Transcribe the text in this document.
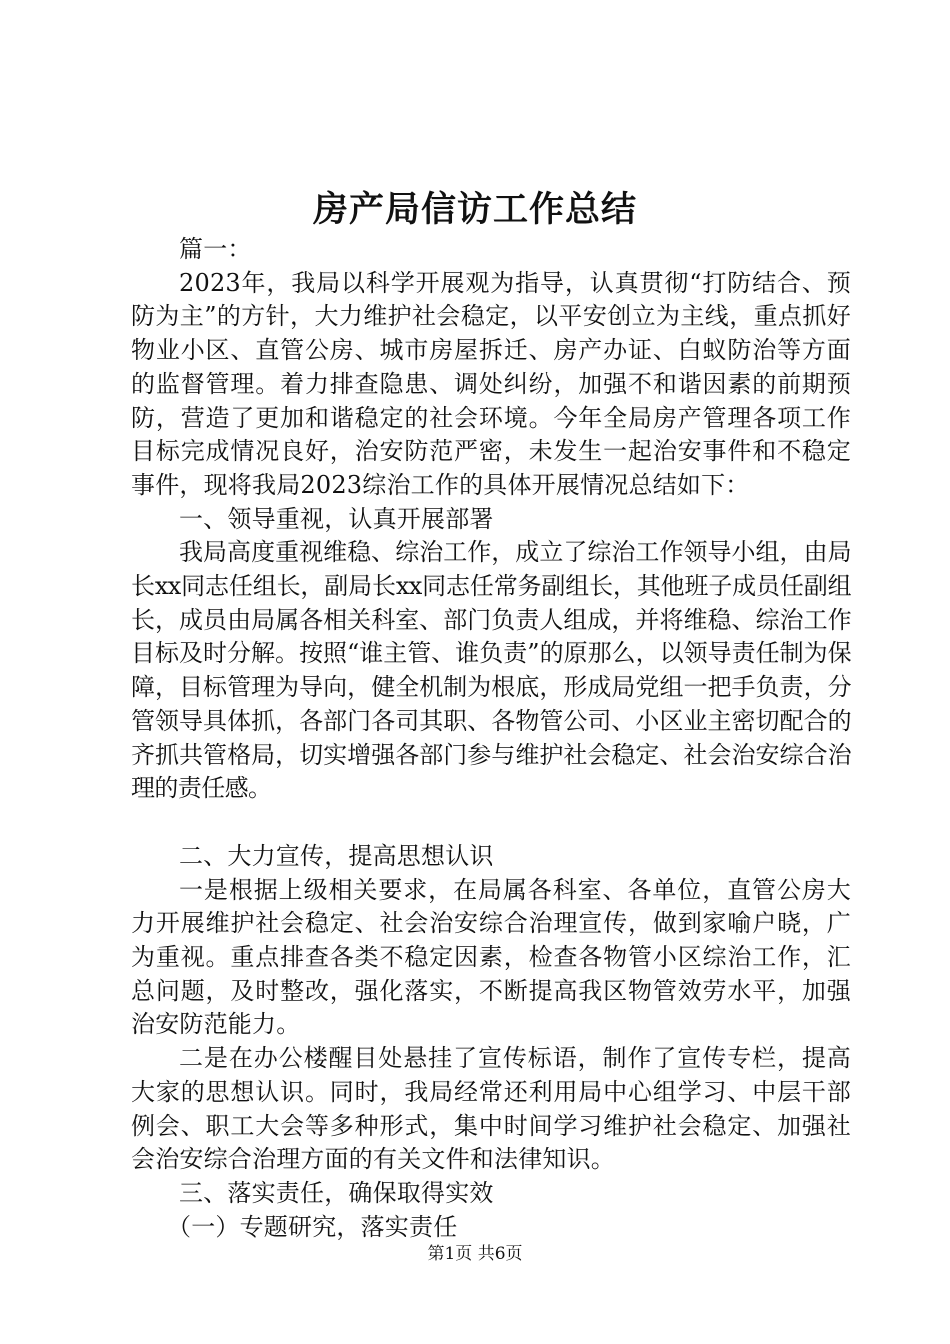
房产局信访工作总结

篇一：

2023年，我局以科学开展观为指导，认真贯彻“打防结合、预防为主”的方针，大力维护社会稳定，以平安创立为主线，重点抓好物业小区、直管公房、城市房屋拆迁、房产办证、白蚁防治等方面的监督管理。着力排查隐患、调处纠纷，加强不和谐因素的前期预防，营造了更加和谐稳定的社会环境。今年全局房产管理各项工作目标完成情况良好，治安防范严密，未发生一起治安事件和不稳定事件，现将我局2023综治工作的具体开展情况总结如下：

一、领导重视，认真开展部署

我局高度重视维稳、综治工作，成立了综治工作领导小组，由局长xx同志任组长，副局长xx同志任常务副组长，其他班子成员任副组长，成员由局属各相关科室、部门负责人组成，并将维稳、综治工作目标及时分解。按照“谁主管、谁负责”的原那么，以领导责任制为保障，目标管理为导向，健全机制为根底，形成局党组一把手负责，分管领导具体抓，各部门各司其职、各物管公司、小区业主密切配合的齐抓共管格局，切实增强各部门参与维护社会稳定、社会治安综合治理的责任感。

二、大力宣传，提高思想认识

一是根据上级相关要求，在局属各科室、各单位，直管公房大力开展维护社会稳定、社会治安综合治理宣传，做到家喻户晓，广为重视。重点排查各类不稳定因素，检查各物管小区综治工作，汇总问题，及时整改，强化落实，不断提高我区物管效劳水平，加强治安防范能力。

二是在办公楼醒目处悬挂了宣传标语，制作了宣传专栏，提高大家的思想认识。同时，我局经常还利用局中心组学习、中层干部例会、职工大会等多种形式，集中时间学习维护社会稳定、加强社会治安综合治理方面的有关文件和法律知识。

三、落实责任，确保取得实效

（一）专题研究，落实责任

第1页 共6页
